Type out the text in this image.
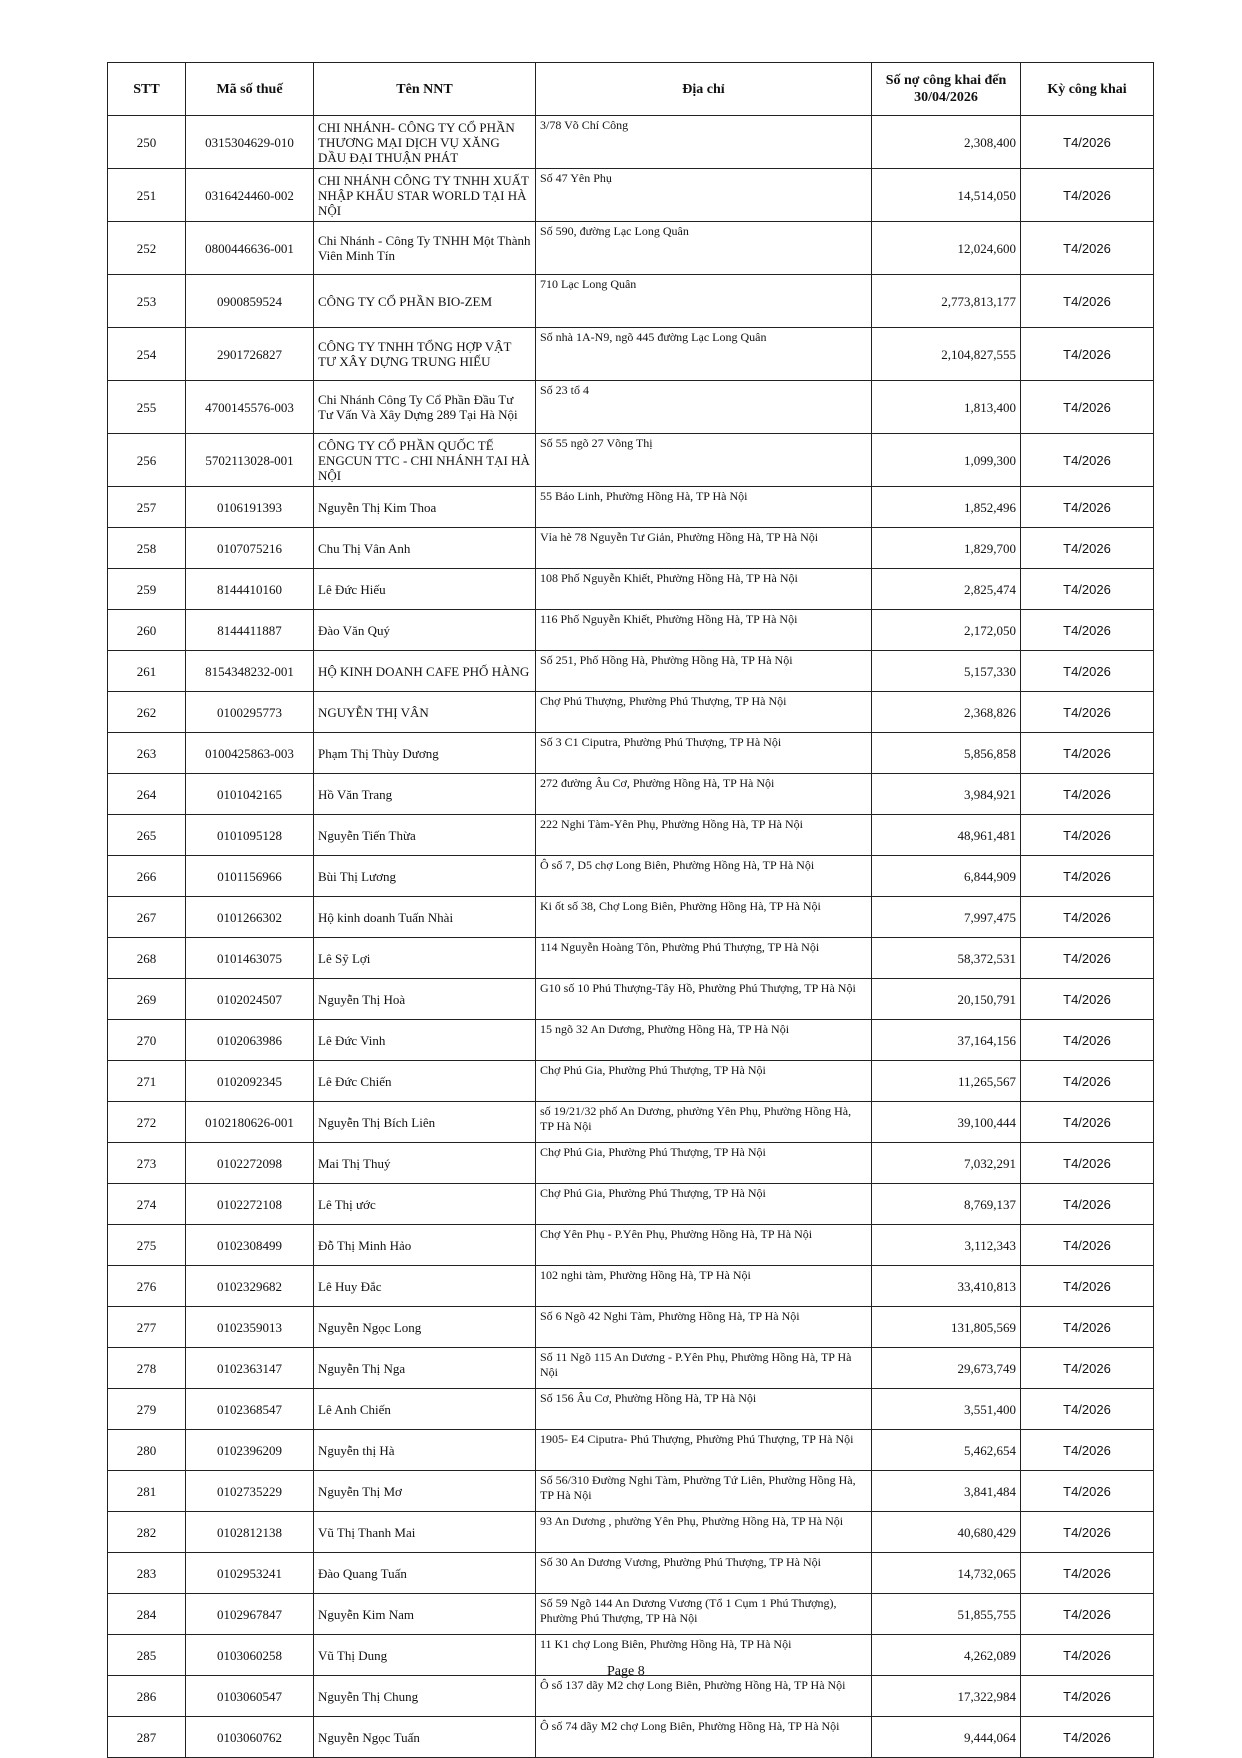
STT	Mã số thuế	Tên NNT	Địa chỉ	Số nợ công khai đến 30/04/2026	Kỳ công khai
250	0315304629-010	CHI NHÁNH- CÔNG TY CỔ PHẦN THƯƠNG MẠI DỊCH VỤ XĂNG DẦU ĐẠI THUẬN PHÁT	3/78 Võ Chí Công	2,308,400	T4/2026
251	0316424460-002	CHI NHÁNH CÔNG TY TNHH XUẤT NHẬP KHẨU STAR WORLD TẠI HÀ NỘI	Số 47 Yên Phụ	14,514,050	T4/2026
252	0800446636-001	Chi Nhánh - Công Ty TNHH Một Thành Viên Minh Tín	Số 590, đường Lạc Long Quân	12,024,600	T4/2026
253	0900859524	CÔNG TY CỔ PHẦN BIO-ZEM	710 Lạc Long Quân	2,773,813,177	T4/2026
254	2901726827	CÔNG TY TNHH TỔNG HỢP VẬT TƯ XÂY DỰNG TRUNG HIẾU	Số nhà 1A-N9, ngõ 445 đường Lạc Long Quân	2,104,827,555	T4/2026
255	4700145576-003	Chi Nhánh Công Ty Cổ Phần Đầu Tư Tư Vấn Và Xây Dựng 289 Tại Hà Nội	Số 23 tổ 4	1,813,400	T4/2026
256	5702113028-001	CÔNG TY CỔ PHẦN QUỐC TẾ ENGCUN TTC - CHI NHÁNH TẠI HÀ NỘI	Số 55 ngõ 27 Võng Thị	1,099,300	T4/2026
257	0106191393	Nguyễn Thị Kim Thoa	55 Bảo Linh, Phường Hồng Hà, TP Hà Nội	1,852,496	T4/2026
258	0107075216	Chu Thị Vân Anh	Vỉa hè 78 Nguyễn Tư Giản, Phường Hồng Hà, TP Hà Nội	1,829,700	T4/2026
259	8144410160	Lê Đức Hiếu	108 Phố Nguyễn Khiết, Phường Hồng Hà, TP Hà Nội	2,825,474	T4/2026
260	8144411887	Đào Văn Quý	116 Phố Nguyễn Khiết, Phường Hồng Hà, TP Hà Nội	2,172,050	T4/2026
261	8154348232-001	HỘ KINH DOANH CAFE PHỐ HÀNG	Số 251, Phố Hồng Hà, Phường Hồng Hà, TP Hà Nội	5,157,330	T4/2026
262	0100295773	NGUYỄN THỊ VÂN	Chợ Phú Thượng, Phường Phú Thượng, TP Hà Nội	2,368,826	T4/2026
263	0100425863-003	Phạm Thị Thùy Dương	Số 3 C1 Ciputra, Phường Phú Thượng, TP Hà Nội	5,856,858	T4/2026
264	0101042165	Hồ Văn Trang	272 đường Âu Cơ, Phường Hồng Hà, TP Hà Nội	3,984,921	T4/2026
265	0101095128	Nguyễn Tiến Thừa	222 Nghi Tàm-Yên Phụ, Phường Hồng Hà, TP Hà Nội	48,961,481	T4/2026
266	0101156966	Bùi Thị Lương	Ô số 7, D5 chợ Long Biên, Phường Hồng Hà, TP Hà Nội	6,844,909	T4/2026
267	0101266302	Hộ kinh doanh Tuấn Nhài	Ki ốt số 38, Chợ Long Biên, Phường Hồng Hà, TP Hà Nội	7,997,475	T4/2026
268	0101463075	Lê Sỹ Lợi	114 Nguyễn Hoàng Tôn, Phường Phú Thượng, TP Hà Nội	58,372,531	T4/2026
269	0102024507	Nguyễn Thị Hoà	G10 số 10 Phú Thượng-Tây Hồ, Phường Phú Thượng, TP Hà Nội	20,150,791	T4/2026
270	0102063986	Lê Đức Vinh	15 ngõ 32 An Dương, Phường Hồng Hà, TP Hà Nội	37,164,156	T4/2026
271	0102092345	Lê Đức Chiến	Chợ Phú Gia, Phường Phú Thượng, TP Hà Nội	11,265,567	T4/2026
272	0102180626-001	Nguyễn Thị Bích Liên	số 19/21/32 phố An Dương, phường Yên Phụ, Phường Hồng Hà, TP Hà Nội	39,100,444	T4/2026
273	0102272098	Mai Thị Thuý	Chợ Phú Gia, Phường Phú Thượng, TP Hà Nội	7,032,291	T4/2026
274	0102272108	Lê Thị ước	Chợ Phú Gia, Phường Phú Thượng, TP Hà Nội	8,769,137	T4/2026
275	0102308499	Đỗ Thị Minh Hảo	Chợ Yên Phụ - P.Yên Phụ, Phường Hồng Hà, TP Hà Nội	3,112,343	T4/2026
276	0102329682	Lê Huy Đắc	102 nghi tàm, Phường Hồng Hà, TP Hà Nội	33,410,813	T4/2026
277	0102359013	Nguyễn Ngọc Long	Số 6 Ngõ 42 Nghi Tàm, Phường Hồng Hà, TP Hà Nội	131,805,569	T4/2026
278	0102363147	Nguyễn Thị Nga	Số 11 Ngõ 115 An Dương - P.Yên Phụ, Phường Hồng Hà, TP Hà Nội	29,673,749	T4/2026
279	0102368547	Lê Anh Chiến	Số 156 Âu Cơ, Phường Hồng Hà, TP Hà Nội	3,551,400	T4/2026
280	0102396209	Nguyễn thị Hà	1905- E4 Ciputra- Phú Thượng, Phường Phú Thượng, TP Hà Nội	5,462,654	T4/2026
281	0102735229	Nguyễn Thị Mơ	Số 56/310 Đường Nghi Tàm, Phường Tứ Liên, Phường Hồng Hà, TP Hà Nội	3,841,484	T4/2026
282	0102812138	Vũ Thị Thanh Mai	93 An Dương , phường Yên Phụ, Phường Hồng Hà, TP Hà Nội	40,680,429	T4/2026
283	0102953241	Đào Quang Tuấn	Số 30 An Dương Vương, Phường Phú Thượng, TP Hà Nội	14,732,065	T4/2026
284	0102967847	Nguyễn Kim Nam	Số 59 Ngõ 144 An Dương Vương (Tổ 1 Cụm 1 Phú Thượng), Phường Phú Thượng, TP Hà Nội	51,855,755	T4/2026
285	0103060258	Vũ Thị Dung	11 K1 chợ Long Biên, Phường Hồng Hà, TP Hà Nội	4,262,089	T4/2026
286	0103060547	Nguyễn Thị Chung	Ô số 137 dãy M2 chợ Long Biên, Phường Hồng Hà, TP Hà Nội	17,322,984	T4/2026
287	0103060762	Nguyễn Ngọc Tuấn	Ô số 74 dãy M2 chợ Long Biên, Phường Hồng Hà, TP Hà Nội	9,444,064	T4/2026
Page 8
